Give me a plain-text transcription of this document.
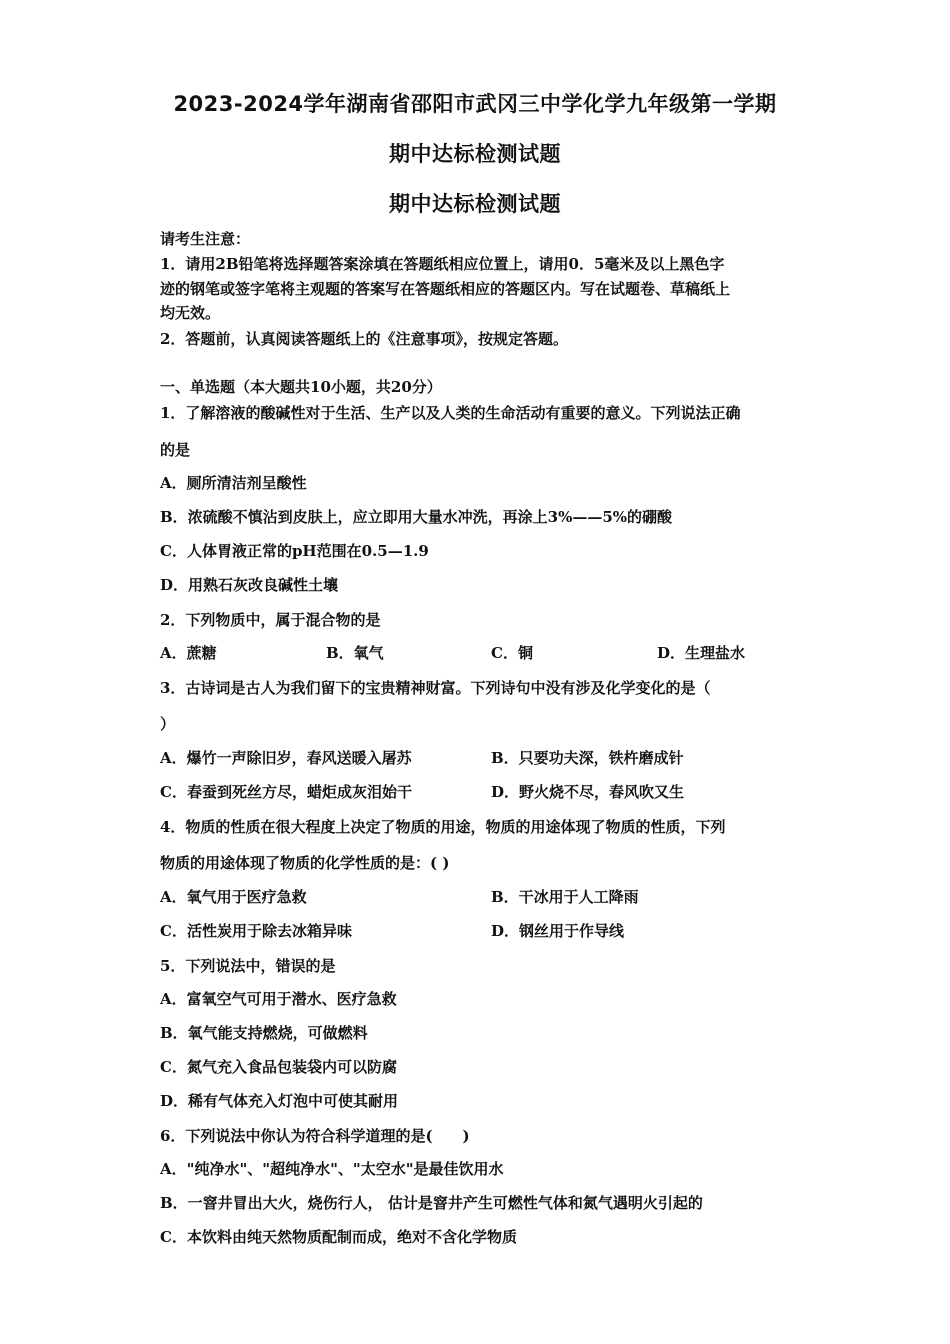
2023-2024学年湖南省邵阳市武冈三中学化学九年级第一学期
期中达标检测试题
期中达标检测试题
请考生注意：
1．请用2B铅笔将选择题答案涂填在答题纸相应位置上，请用0．5毫米及以上黑色字
迹的钢笔或签字笔将主观题的答案写在答题纸相应的答题区内。写在试题卷、草稿纸上
均无效。
2．答题前，认真阅读答题纸上的《注意事项》，按规定答题。
一、单选题（本大题共10小题，共20分）
1．了解溶液的酸碱性对于生活、生产以及人类的生命活动有重要的意义。下列说法正确
的是
A．厕所清洁剂呈酸性
B．浓硫酸不慎沾到皮肤上，应立即用大量水冲洗，再涂上3%——5%的硼酸
C．人体胃液正常的pH范围在0.5—1.9
D．用熟石灰改良碱性土壤
2．下列物质中，属于混合物的是
A．蔗糖	B．氧气	C．铜	D．生理盐水
3．古诗词是古人为我们留下的宝贵精神财富。下列诗句中没有涉及化学变化的是（
）
A．爆竹一声除旧岁，春风送暖入屠苏	B．只要功夫深，铁杵磨成针
C．春蚕到死丝方尽，蜡炬成灰泪始干	D．野火烧不尽，春风吹又生
4．物质的性质在很大程度上决定了物质的用途，物质的用途体现了物质的性质，下列
物质的用途体现了物质的化学性质的是：( )
A．氧气用于医疗急救	B．干冰用于人工降雨
C．活性炭用于除去冰箱异味	D．钢丝用于作导线
5．下列说法中，错误的是
A．富氧空气可用于潜水、医疗急救
B．氧气能支持燃烧，可做燃料
C．氮气充入食品包装袋内可以防腐
D．稀有气体充入灯泡中可使其耐用
6．下列说法中你认为符合科学道理的是(　　)
A．"纯净水"、"超纯净水"、"太空水"是最佳饮用水
B．一窨井冒出大火，烧伤行人， 估计是窨井产生可燃性气体和氮气遇明火引起的
C．本饮料由纯天然物质配制而成，绝对不含化学物质
